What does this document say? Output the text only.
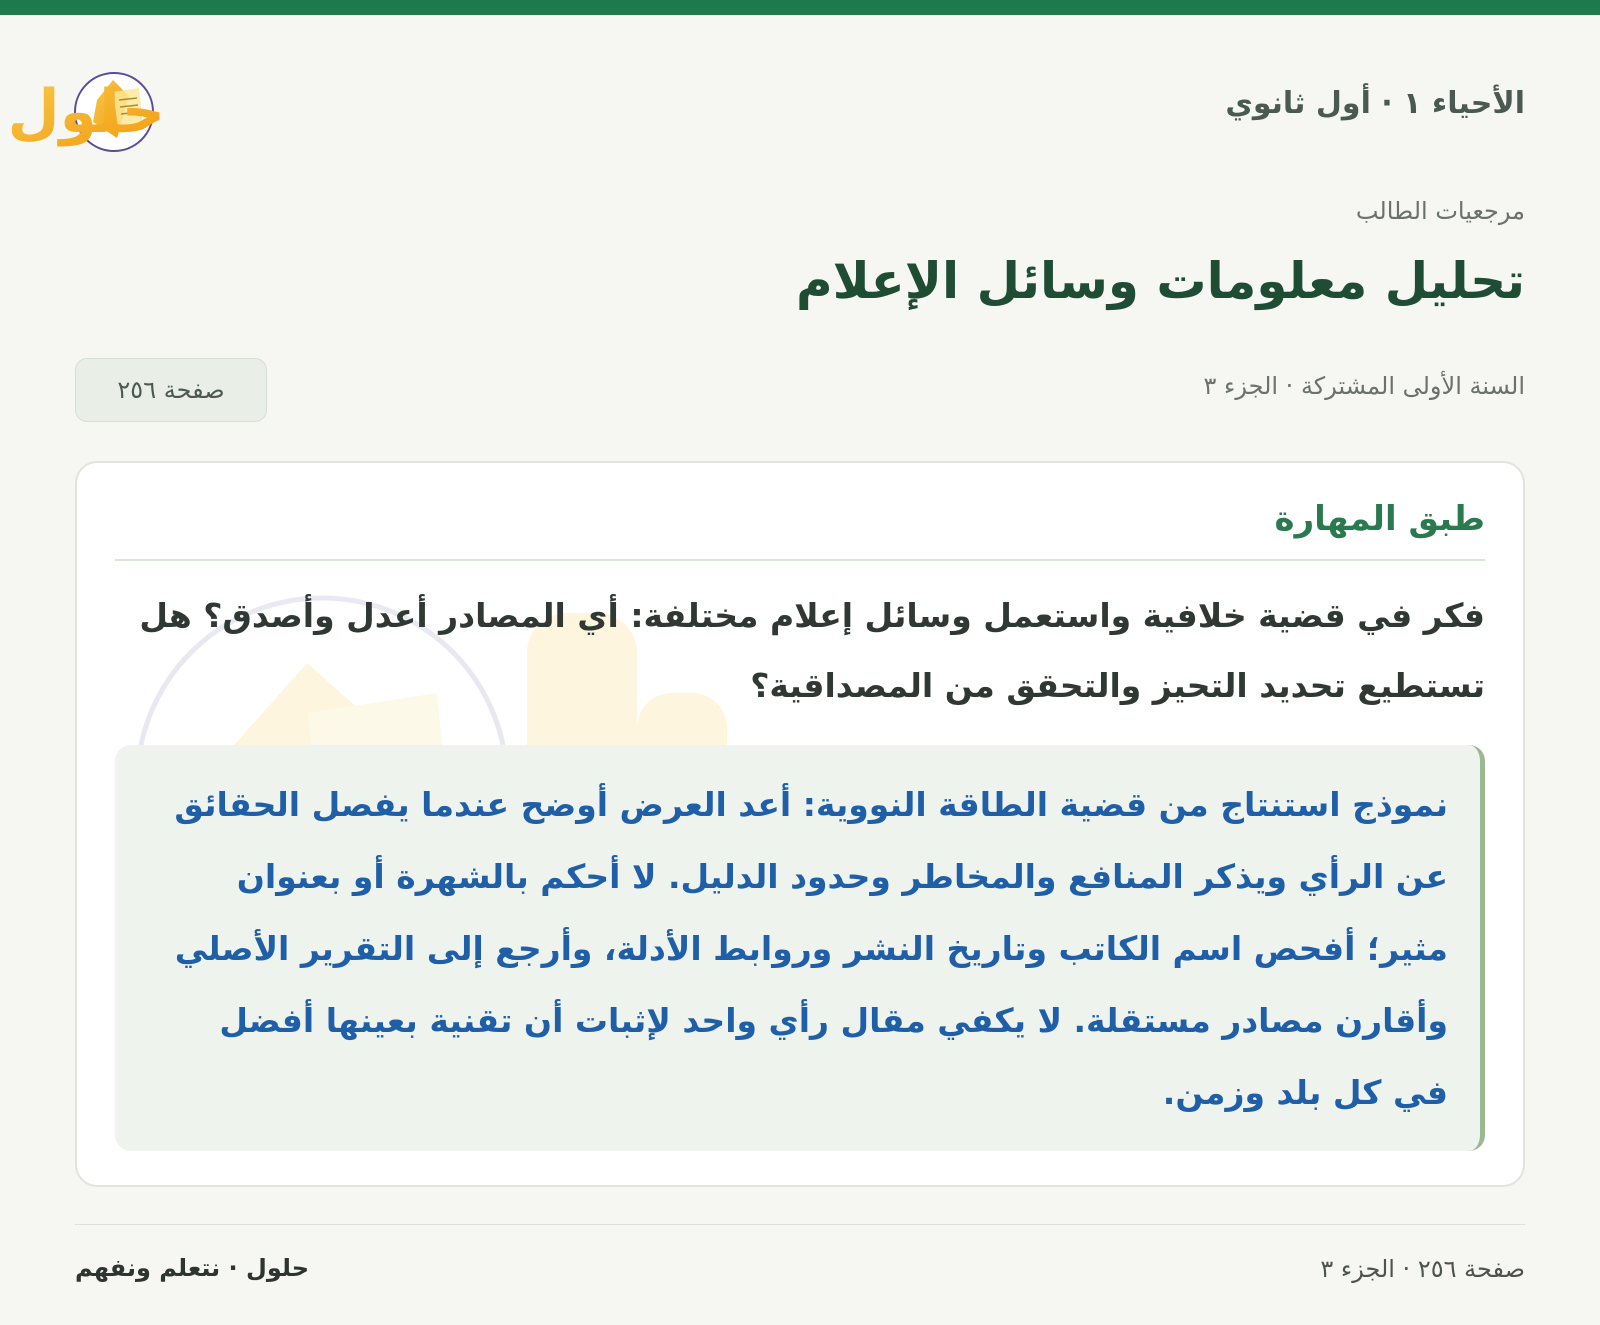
الأحياء ١ · أول ثانوي
حلول
مرجعيات الطالب
تحليل معلومات وسائل الإعلام
السنة الأولى المشتركة · الجزء ٣
صفحة ٢٥٦
طبق المهارة

فكر في قضية خلافية واستعمل وسائل إعلام مختلفة: أي المصادر أعدل وأصدق؟ هل تستطيع تحديد التحيز والتحقق من المصداقية؟

نموذج استنتاج من قضية الطاقة النووية: أعد العرض أوضح عندما يفصل الحقائق عن الرأي ويذكر المنافع والمخاطر وحدود الدليل. لا أحكم بالشهرة أو بعنوان مثير؛ أفحص اسم الكاتب وتاريخ النشر وروابط الأدلة، وأرجع إلى التقرير الأصلي وأقارن مصادر مستقلة. لا يكفي مقال رأي واحد لإثبات أن تقنية بعينها أفضل في كل بلد وزمن.

صفحة ٢٥٦ · الجزء ٣
حلول · نتعلم ونفهم
